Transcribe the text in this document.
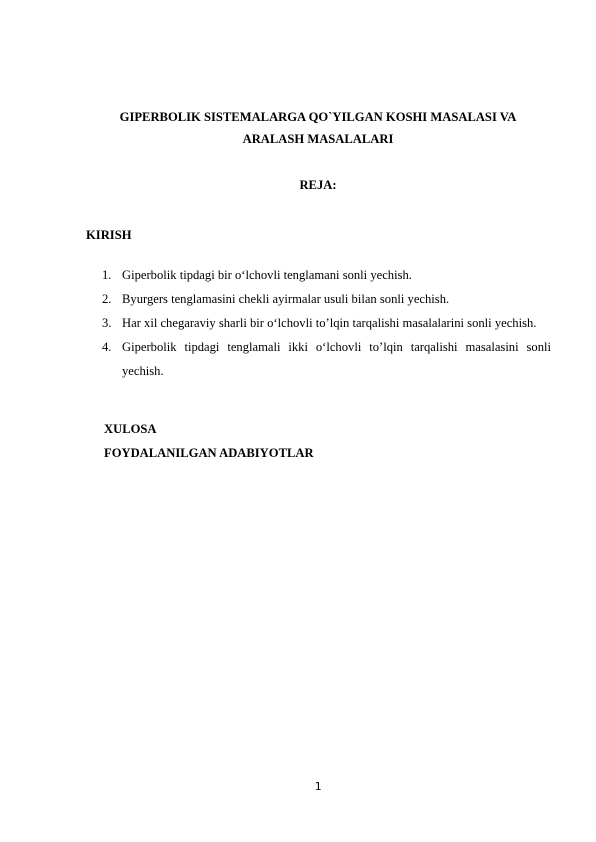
GIPERBOLIK SISTEMALARGA QO`YILGAN KOSHI MASALASI VA
ARALASH MASALALARI
REJA:
KIRISH
1. Giperbolik tipdagi bir o‘lchovli tenglamani sonli yechish.
2. Byurgers tenglamasini chekli ayirmalar usuli bilan sonli yechish.
3. Har xil chegaraviy sharli bir o‘lchovli to’lqin tarqalishi masalalarini sonli yechish.
4. Giperbolik tipdagi tenglamali ikki o‘lchovli to’lqin tarqalishi masalasini sonli yechish.
XULOSA
FOYDALANILGAN ADABIYOTLAR
1
